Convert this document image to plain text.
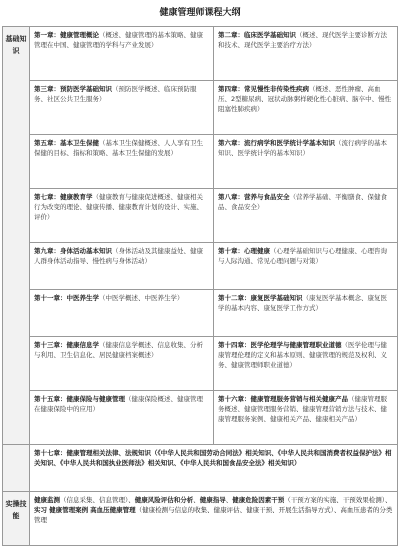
健康管理师课程大纲
基础知识	第一章：健康管理概论（概述、健康管理的基本策略、健康管理在中国、健康管理的学科与产业发展）	第二章：临床医学基础知识（概述、现代医学主要诊断方法和技术、现代医学主要治疗方法）
	第三章：预防医学基础知识（预防医学概述、临床预防服务、社区公共卫生服务）	第四章：常见慢性非传染性疾病（概述、恶性肿瘤、高血压、2型糖尿病、冠状动脉粥样硬化性心脏病、脑卒中、慢性阻塞性肺疾病）
	第五章：基本卫生保健（基本卫生保健概述、人人享有卫生保健的目标、指标和策略、基本卫生保健的发展）	第六章：流行病学和医学统计学基本知识（流行病学的基本知识、医学统计学的基本知识）
	第七章：健康教育学（健康教育与健康促进概述、健康相关行为改变的理论、健康传播、健康教育计划的设计、实施、评价）	第八章：营养与食品安全（营养学基础、平衡膳食、保健食品、食品安全）
	第九章：身体活动基本知识（身体活动及其健康益处、健康人群身体活动指导、慢性病与身体活动）	第十章：心理健康（心理学基础知识与心理健康、心理咨询与人际沟通、常见心理问题与对策）
	第十一章：中医养生学（中医学概述、中医养生学）	第十二章：康复医学基础知识（康复医学基本概念、康复医学的基本内容、康复医学工作方式）
	第十三章：健康信息学（健康信息学概述、信息收集、分析与利用、卫生信息化、居民健康档案概述）	第十四章：医学伦理学与健康管理职业道德（医学伦理与健康管理伦理的定义和基本原则、健康管理的规范及权利、义务、健康管理师职业道德）
	第十五章：健康保险与健康管理（健康保险概述、健康管理在健康保险中的应用）	第十六章：健康管理服务营销与相关健康产品（健康管理服务概述、健康管理服务营销、健康管理营销方法与技术、健康管理服务案例、健康相关产品、健康相关产品）
	第十七章：健康管理相关法律、法规知识（《中华人民共和国劳动合同法》相关知识、《中华人民共和国消费者权益保护法》相关知识、《中华人民共和国执业医师法》相关知识、《中华人民共和国食品安全法》相关知识）	
实操技能	健康监测（信息采集、信息管理）、健康风险评估和分析、健康指导、健康危险因素干预（干预方案的实施、干预效果检测）、实习 健康管理案例 高血压健康管理（健康检测与信息的收集、健康评估、健康干预、开展生活指导方式）、高血压患者的分类管理	
